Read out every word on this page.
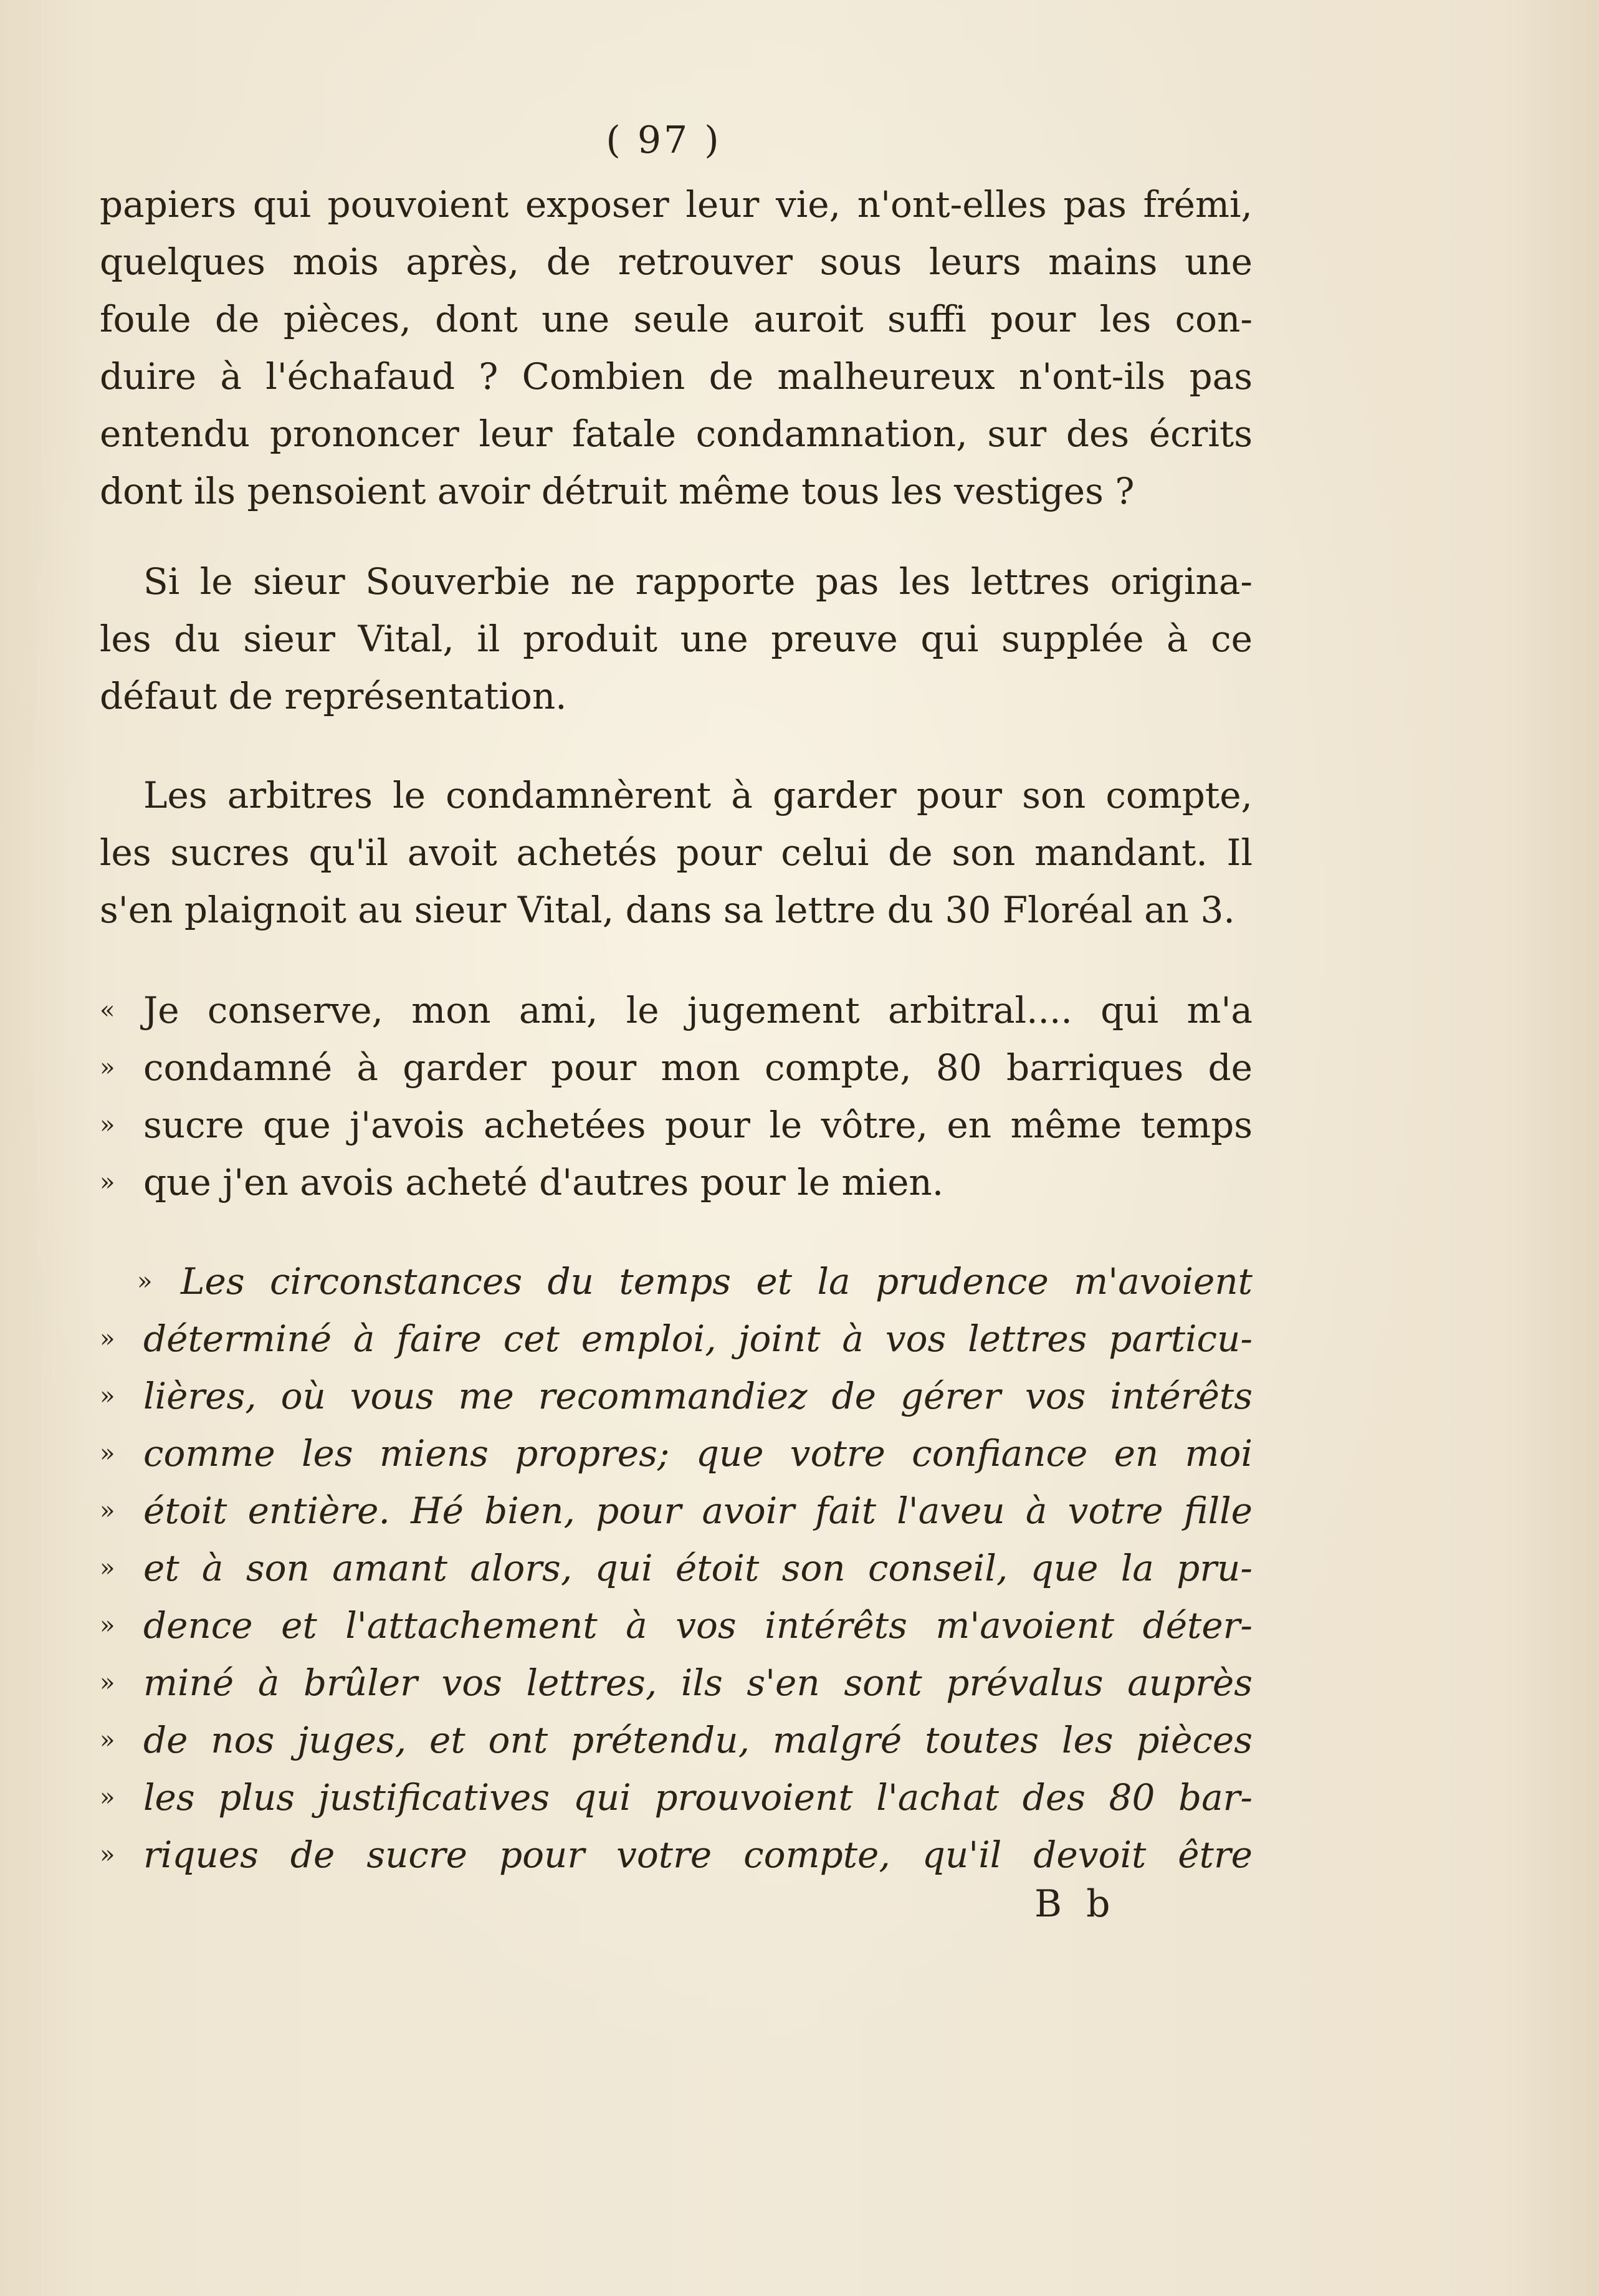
( 97 )
papiers qui pouvoient exposer leur vie, n'ont-elles pas frémi,
quelques mois après, de retrouver sous leurs mains une
foule de pièces, dont une seule auroit suffi pour les con-
duire à l'échafaud ? Combien de malheureux n'ont-ils pas
entendu prononcer leur fatale condamnation, sur des écrits
dont ils pensoient avoir détruit même tous les vestiges ?
Si le sieur Souverbie ne rapporte pas les lettres origina-
les du sieur Vital, il produit une preuve qui supplée à ce
défaut de représentation.
Les arbitres le condamnèrent à garder pour son compte,
les sucres qu'il avoit achetés pour celui de son mandant. Il
s'en plaignoit au sieur Vital, dans sa lettre du 30 Floréal an 3.
« Je conserve, mon ami, le jugement arbitral.... qui m'a
» condamné à garder pour mon compte, 80 barriques de
» sucre que j'avois achetées pour le vôtre, en même temps
» que j'en avois acheté d'autres pour le mien.
» Les circonstances du temps et la prudence m'avoient
» déterminé à faire cet emploi, joint à vos lettres particu-
» lières, où vous me recommandiez de gérer vos intérêts
» comme les miens propres; que votre confiance en moi
» étoit entière. Hé bien, pour avoir fait l'aveu à votre fille
» et à son amant alors, qui étoit son conseil, que la pru-
» dence et l'attachement à vos intérêts m'avoient déter-
» miné à brûler vos lettres, ils s'en sont prévalus auprès
» de nos juges, et ont prétendu, malgré toutes les pièces
» les plus justificatives qui prouvoient l'achat des 80 bar-
» riques de sucre pour votre compte, qu'il devoit être
B b
